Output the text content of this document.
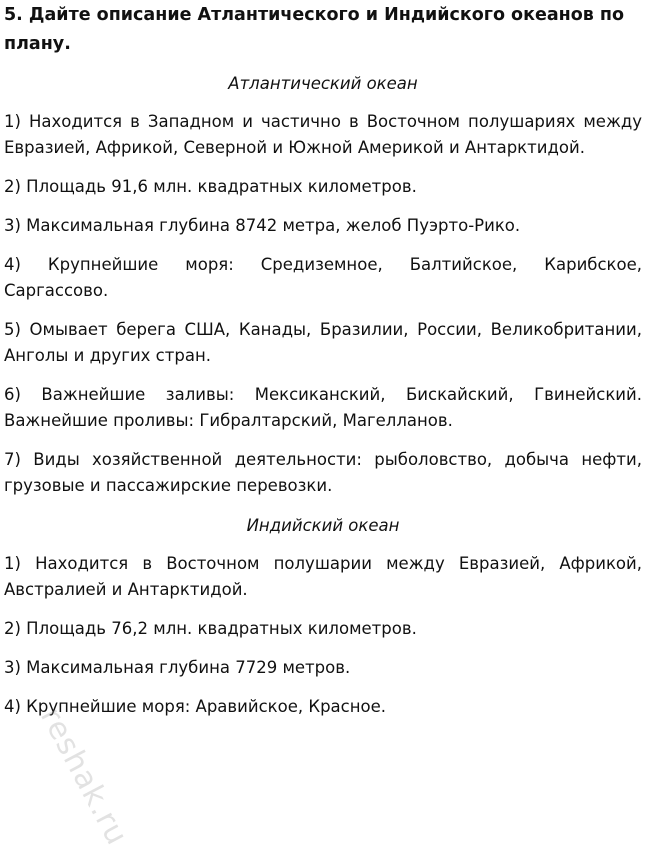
5. Дайте описание Атлантического и Индийского океанов по плану.

Атлантический океан

1) Находится в Западном и частично в Восточном полушариях между Евразией, Африкой, Северной и Южной Америкой и Антарктидой.

2) Площадь 91,6 млн. квадратных километров.

3) Максимальная глубина 8742 метра, желоб Пуэрто-Рико.

4) Крупнейшие моря: Средиземное, Балтийское, Карибское, Саргассово.

5) Омывает берега США, Канады, Бразилии, России, Великобритании, Анголы и других стран.

6) Важнейшие заливы: Мексиканский, Бискайский, Гвинейский. Важнейшие проливы: Гибралтарский, Магелланов.

7) Виды хозяйственной деятельности: рыболовство, добыча нефти, грузовые и пассажирские перевозки.

Индийский океан

1) Находится в Восточном полушарии между Евразией, Африкой, Австралией и Антарктидой.

2) Площадь 76,2 млн. квадратных километров.

3) Максимальная глубина 7729 метров.

4) Крупнейшие моря: Аравийское, Красное.

reshak.ru
